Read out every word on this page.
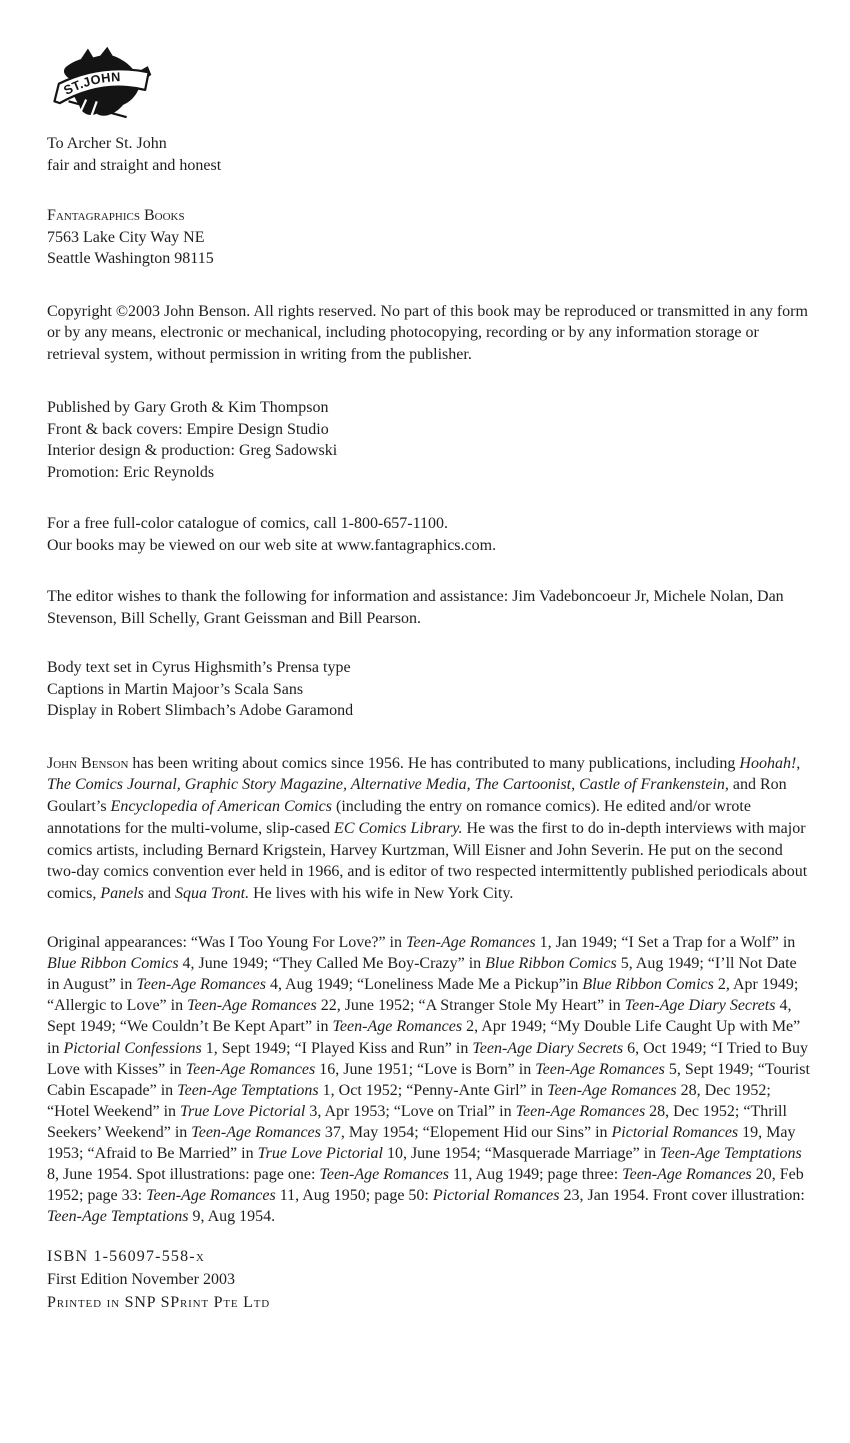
ST.JOHN
To Archer St. John
fair and straight and honest
Fantagraphics Books
7563 Lake City Way NE
Seattle Washington 98115

Copyright ©2003 John Benson. All rights reserved. No part of this book may be reproduced or transmitted in any form or by any means, electronic or mechanical, including photocopying, recording or by any information storage or retrieval system, without permission in writing from the publisher.

Published by Gary Groth & Kim Thompson
Front & back covers: Empire Design Studio
Interior design & production: Greg Sadowski
Promotion: Eric Reynolds
For a free full-color catalogue of comics, call 1-800-657-1100.
Our books may be viewed on our web site at www.fantagraphics.com.

The editor wishes to thank the following for information and assistance: Jim Vadeboncoeur Jr, Michele Nolan, Dan Stevenson, Bill Schelly, Grant Geissman and Bill Pearson.

Body text set in Cyrus Highsmith’s Prensa type
Captions in Martin Majoor’s Scala Sans
Display in Robert Slimbach’s Adobe Garamond

John Benson has been writing about comics since 1956. He has contributed to many publications, including Hoohah!, The Comics Journal, Graphic Story Magazine, Alternative Media, The Cartoonist, Castle of Frankenstein, and Ron Goulart’s Encyclopedia of American Comics (including the entry on romance comics). He edited and/or wrote annotations for the multi-volume, slip-cased EC Comics Library. He was the first to do in-depth interviews with major comics artists, including Bernard Krigstein, Harvey Kurtzman, Will Eisner and John Severin. He put on the second two-day comics convention ever held in 1966, and is editor of two respected intermittently published periodicals about comics, Panels and Squa Tront. He lives with his wife in New York City.

Original appearances: “Was I Too Young For Love?” in Teen-Age Romances 1, Jan 1949; “I Set a Trap for a Wolf” in Blue Ribbon Comics 4, June 1949; “They Called Me Boy-Crazy” in Blue Ribbon Comics 5, Aug 1949; “I’ll Not Date in August” in Teen-Age Romances 4, Aug 1949; “Loneliness Made Me a Pickup”in Blue Ribbon Comics 2, Apr 1949; “Allergic to Love” in Teen-Age Romances 22, June 1952; “A Stranger Stole My Heart” in Teen-Age Diary Secrets 4, Sept 1949; “We Couldn’t Be Kept Apart” in Teen-Age Romances 2, Apr 1949; “My Double Life Caught Up with Me” in Pictorial Confessions 1, Sept 1949; “I Played Kiss and Run” in Teen-Age Diary Secrets 6, Oct 1949; “I Tried to Buy Love with Kisses” in Teen-Age Romances 16, June 1951; “Love is Born” in Teen-Age Romances 5, Sept 1949; “Tourist Cabin Escapade” in Teen-Age Temptations 1, Oct 1952; “Penny-Ante Girl” in Teen-Age Romances 28, Dec 1952; “Hotel Weekend” in True Love Pictorial 3, Apr 1953; “Love on Trial” in Teen-Age Romances 28, Dec 1952; “Thrill Seekers’ Weekend” in Teen-Age Romances 37, May 1954; “Elopement Hid our Sins” in Pictorial Romances 19, May 1953; “Afraid to Be Married” in True Love Pictorial 10, June 1954; “Masquerade Marriage” in Teen-Age Temptations 8, June 1954. Spot illustrations: page one: Teen-Age Romances 11, Aug 1949; page three: Teen-Age Romances 20, Feb 1952; page 33: Teen-Age Romances 11, Aug 1950; page 50: Pictorial Romances 23, Jan 1954. Front cover illustration: Teen-Age Temptations 9, Aug 1954.

ISBN 1-56097-558-x
First Edition November 2003
Printed in SNP SPrint Pte Ltd
